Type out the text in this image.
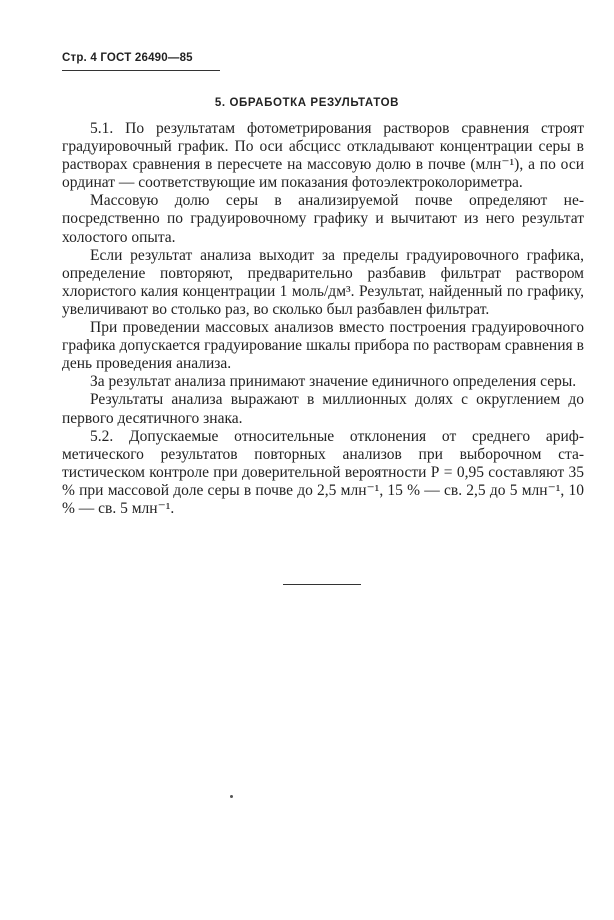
Стр. 4 ГОСТ 26490—85
5. ОБРАБОТКА РЕЗУЛЬТАТОВ

5.1. По результатам фотометрирования растворов сравнения строят градуировочный график. По оси абсцисс откладывают концентрации серы в растворах сравнения в пересчете на массовую долю в почве (млн⁻¹), а по оси ординат — соответствующие им показания фотоэлектроколориметра.

Массовую долю серы в анализируемой почве определяют непосредственно по градуировочному графику и вычитают из него результат холостого опыта.

Если результат анализа выходит за пределы градуировочного графика, определение повторяют, предварительно разбавив фильтрат раствором хлористого калия концентрации 1 моль/дм³. Результат, найденный по графику, увеличивают во столько раз, во сколько был разбавлен фильтрат.

При проведении массовых анализов вместо построения градуировочного графика допускается градуирование шкалы прибора по растворам сравнения в день проведения анализа.

За результат анализа принимают значение единичного определения серы.

Результаты анализа выражают в миллионных долях с округлением до первого десятичного знака.

5.2. Допускаемые относительные отклонения от среднего арифметического результатов повторных анализов при выборочном статистическом контроле при доверительной вероятности Р = 0,95 составляют 35 % при массовой доле серы в почве до 2,5 млн⁻¹, 15 % — св. 2,5 до 5 млн⁻¹, 10 % — св. 5 млн⁻¹.
